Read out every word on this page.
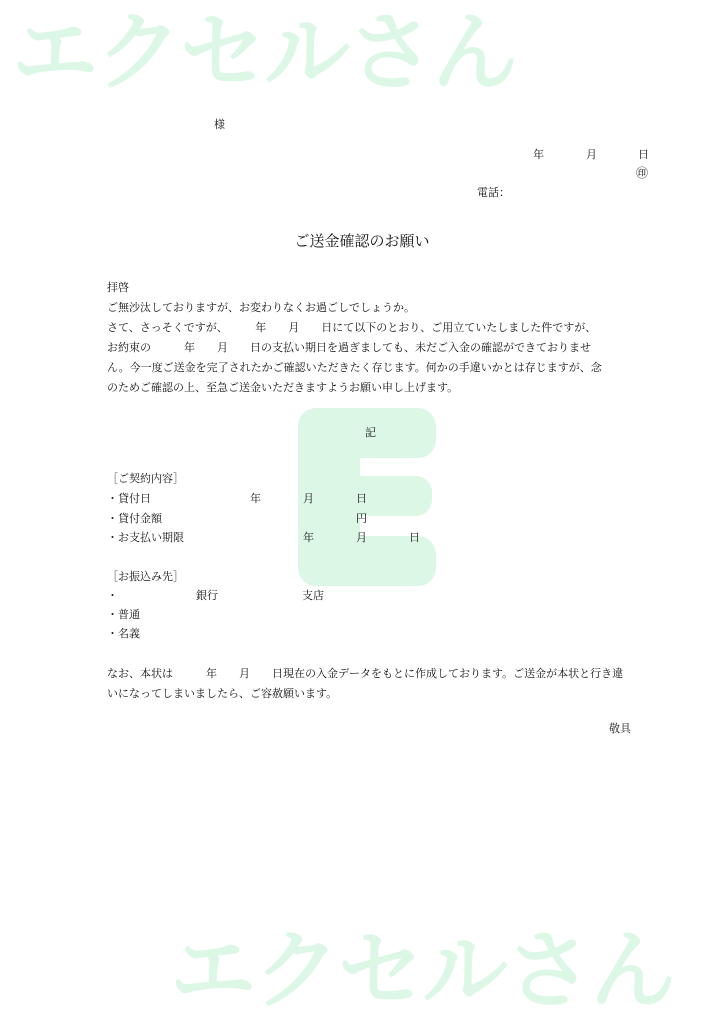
エクセルさん
エクセルさん
様
年	月	日
㊞
電話：
ご送金確認のお願い
拝啓
ご無沙汰しておりますが、お変わりなくお過ごしでしょうか。
さて、さっそくですが、　　　年　　月　　日にて以下のとおり、ご用立ていたしました件ですが、
お約束の　　　年　　月　　日の支払い期日を過ぎましても、未だご入金の確認ができておりませ
ん。今一度ご送金を完了されたかご確認いただきたく存じます。何かの手違いかとは存じますが、念
のためご確認の上、至急ご送金いただきますようお願い申し上げます。
記
［ご契約内容］
・貸付日	年	月	日
・貸付金額	円
・お支払い期限	年	月	日
［お振込み先］
・	銀行	支店
・普通
・名義
なお、本状は　　　年　　月　　日現在の入金データをもとに作成しております。ご送金が本状と行き違
いになってしまいましたら、ご容赦願います。
敬具
